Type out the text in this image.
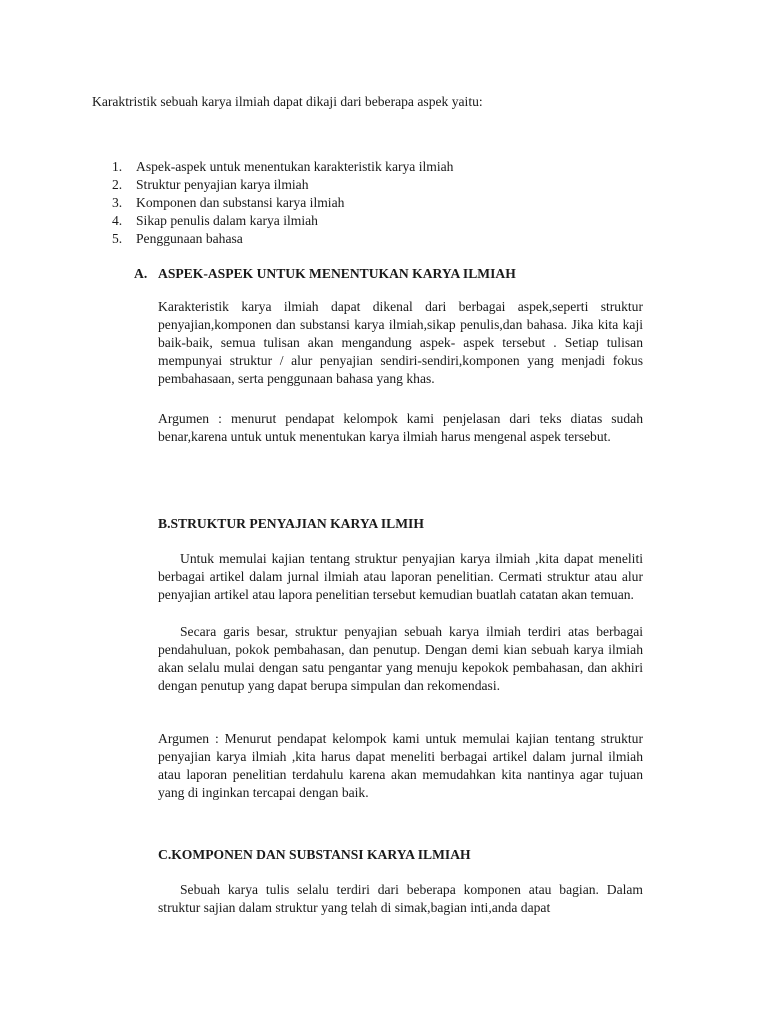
Karaktristik sebuah karya ilmiah dapat dikaji dari beberapa aspek yaitu:
1. Aspek-aspek untuk menentukan karakteristik karya ilmiah
2. Struktur penyajian karya ilmiah
3. Komponen dan substansi karya ilmiah
4. Sikap penulis dalam karya ilmiah
5. Penggunaan bahasa
A. ASPEK-ASPEK UNTUK MENENTUKAN KARYA ILMIAH

Karakteristik karya ilmiah dapat dikenal dari berbagai aspek,seperti struktur penyajian,komponen dan substansi karya ilmiah,sikap penulis,dan bahasa. Jika kita kaji baik-baik, semua tulisan akan mengandung aspek- aspek tersebut . Setiap tulisan mempunyai struktur / alur penyajian sendiri-sendiri,komponen yang menjadi fokus pembahasaan, serta penggunaan bahasa yang khas.

Argumen : menurut pendapat kelompok kami penjelasan dari teks diatas sudah benar,karena untuk untuk menentukan karya ilmiah harus mengenal aspek tersebut.

B.STRUKTUR PENYAJIAN KARYA ILMIH

Untuk memulai kajian tentang struktur penyajian karya ilmiah ,kita dapat meneliti berbagai artikel dalam jurnal ilmiah atau laporan penelitian. Cermati struktur atau alur penyajian artikel atau lapora penelitian tersebut kemudian buatlah catatan akan temuan.

Secara garis besar, struktur penyajian sebuah karya ilmiah terdiri atas berbagai pendahuluan, pokok pembahasan, dan penutup. Dengan demi kian sebuah karya ilmiah akan selalu mulai dengan satu pengantar yang menuju kepokok pembahasan, dan akhiri dengan penutup yang dapat berupa simpulan dan rekomendasi.

Argumen : Menurut pendapat kelompok kami untuk memulai kajian tentang struktur penyajian karya ilmiah ,kita harus dapat meneliti berbagai artikel dalam jurnal ilmiah atau laporan penelitian terdahulu karena akan memudahkan kita nantinya agar tujuan yang di inginkan tercapai dengan baik.

C.KOMPONEN DAN SUBSTANSI KARYA ILMIAH

Sebuah karya tulis selalu terdiri dari beberapa komponen atau bagian. Dalam struktur sajian dalam struktur yang telah di simak,bagian inti,anda dapat
